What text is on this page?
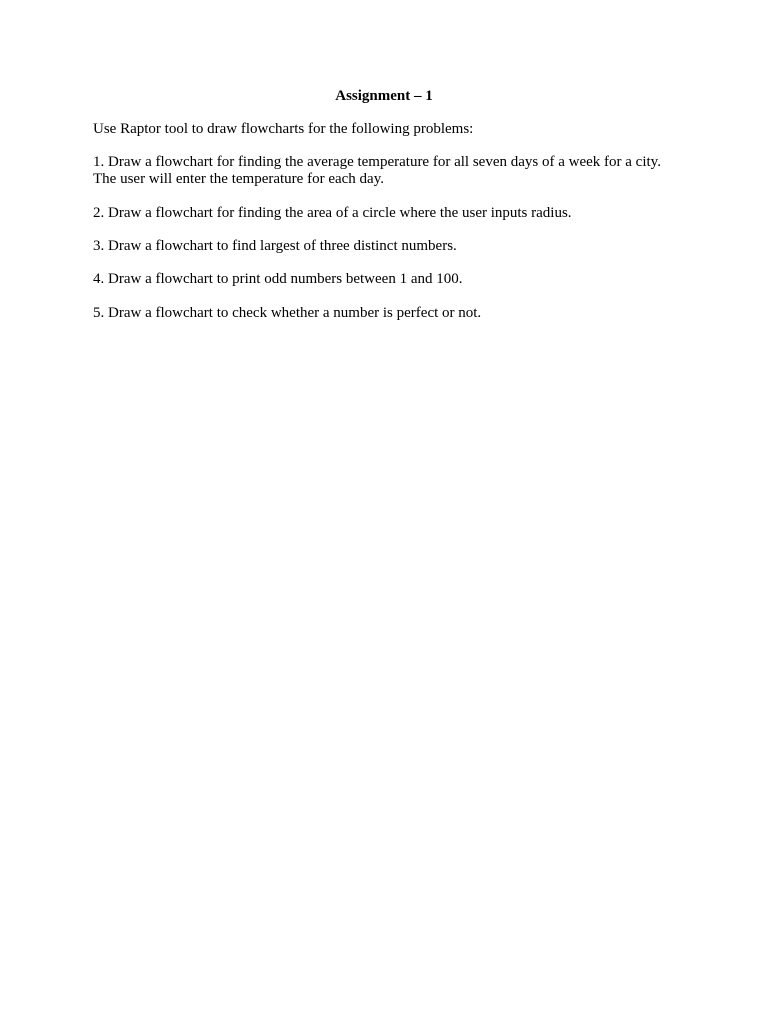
Assignment – 1

Use Raptor tool to draw flowcharts for the following problems:

1. Draw a flowchart for finding the average temperature for all seven days of a week for a city. The user will enter the temperature for each day.

2. Draw a flowchart for finding the area of a circle where the user inputs radius.

3. Draw a flowchart to find largest of three distinct numbers.

4. Draw a flowchart to print odd numbers between 1 and 100.

5. Draw a flowchart to check whether a number is perfect or not.
